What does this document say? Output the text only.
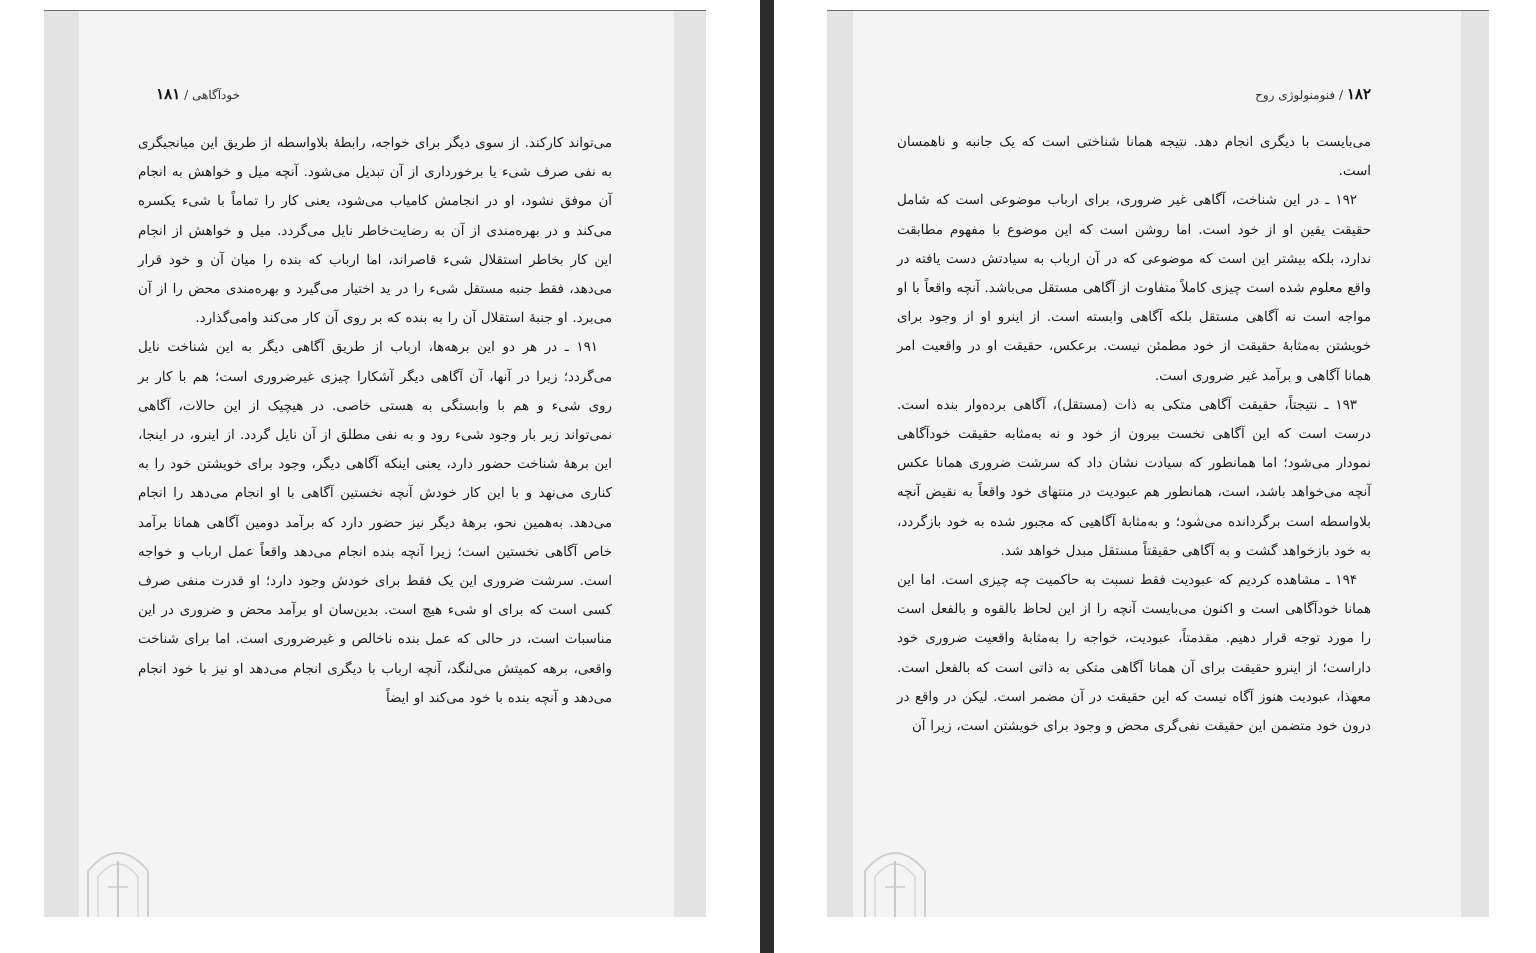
خودآگاهی / ۱۸۱

می‌تواند کارکند. از سوی دیگر برای خواجه، رابطهٔ بلاواسطه از طریق این میانجیگری به نفی صرف شیء یا برخورداری از آن تبدیل می‌شود. آنچه میل و خواهش به انجام آن موفق نشود، او در انجامش کامیاب می‌شود، یعنی کار را تماماً با شیء یکسره می‌کند و در بهره‌مندی از آن به رضایت‌خاطر نایل می‌گردد. میل و خواهش از انجام این کار بخاطر استقلال شیء قاصراند، اما ارباب که بنده را میان آن و خود قرار می‌دهد، فقط جنبه مستقل شیء را در ید اختیار می‌گیرد و بهره‌مندی محض را از آن می‌برد. او جنبهٔ استقلال آن را به بنده که بر روی آن کار می‌کند وامی‌گذارد.

۱۹۱ ـ در هر دو این برهه‌ها، ارباب از طریق آگاهی دیگر به این شناخت نایل می‌گردد؛ زیرا در آنها، آن آگاهی دیگر آشکارا چیزی غیرضروری است؛ هم با کار بر روی شیء و هم با وابستگی به هستی خاصی. در هیچیک از این حالات، آگاهی نمی‌تواند زیر بار وجود شیء رود و به نفی مطلق از آن نایل گردد. از اینرو، در اینجا، این برههٔ شناخت حضور دارد، یعنی اینکه آگاهی دیگر، وجود برای خویشتن خود را به کناری می‌نهد و با این کار خودش آنچه نخستین آگاهی با او انجام می‌دهد را انجام می‌دهد. به‌همین نحو، برههٔ دیگر نیز حضور دارد که برآمد دومین آگاهی همانا برآمد خاص آگاهی نخستین است؛ زیرا آنچه بنده انجام می‌دهد واقعاً عمل ارباب و خواجه است. سرشت ضروری این یک فقط برای خودش وجود دارد؛ او قدرت منفی صرف کسی است که برای او شیء هیچ است. بدین‌سان او برآمد محض و ضروری در این مناسبات است، در حالی که عمل بنده ناخالص و غیرضروری است. اما برای شناخت واقعی، برهه کمیتش می‌لنگد، آنچه ارباب با دیگری انجام می‌دهد او نیز با خود انجام می‌دهد و آنچه بنده با خود می‌کند او ایضاً

۱۸۲ / فنومنولوژی روح

می‌بایست با دیگری انجام دهد. نتیجه همانا شناختی است که یک جانبه و ناهمسان است.

۱۹۲ ـ در این شناخت، آگاهی غیر ضروری، برای ارباب موضوعی است که شامل حقیقت یقین او از خود است. اما روشن است که این موضوع با مفهوم مطابقت ندارد، بلکه بیشتر این است که موضوعی که در آن ارباب به سیادتش دست یافته در واقع معلوم شده است چیزی کاملاً متفاوت از آگاهی مستقل می‌باشد. آنچه واقعاً با او مواجه است نه آگاهی مستقل بلکه آگاهی وابسته است. از اینرو او از وجود برای خویشتن به‌مثابهٔ حقیقت از خود مطمئن نیست. برعکس، حقیقت او در واقعیت امر همانا آگاهی و برآمد غیر ضروری است.

۱۹۳ ـ نتیجتاً، حقیقت آگاهی متکی به ذات (مستقل)، آگاهی برده‌وار بنده است. درست است که این آگاهی نخست بیرون از خود و نه به‌مثابه حقیقت خودآگاهی نمودار می‌شود؛ اما همانطور که سیادت نشان داد که سرشت ضروری همانا عکس آنچه می‌خواهد باشد، است، همانطور هم عبودیت در منتهای خود واقعاً به نقیض آنچه بلاواسطه است برگردانده می‌شود؛ و به‌مثابهٔ آگاهیی که مجبور شده به خود بازگردد، به خود بازخواهد گشت و به آگاهی حقیقتاً مستقل مبدل خواهد شد.

۱۹۴ ـ مشاهده کردیم که عبودیت فقط نسبت به حاکمیت چه چیزی است. اما این همانا خودآگاهی است و اکنون می‌بایست آنچه را از این لحاظ بالقوه و بالفعل است را مورد توجه قرار دهیم. مقدمتاً، عبودیت، خواجه را به‌مثابهٔ واقعیت ضروری خود داراست؛ از اینرو حقیقت برای آن همانا آگاهی متکی به ذاتی است که بالفعل است. معهذا، عبودیت هنوز آگاه نیست که این حقیقت در آن مضمر است. لیکن در واقع در درون خود متضمن این حقیقت نفی‌گری محض و وجود برای خویشتن است، زیرا آن
